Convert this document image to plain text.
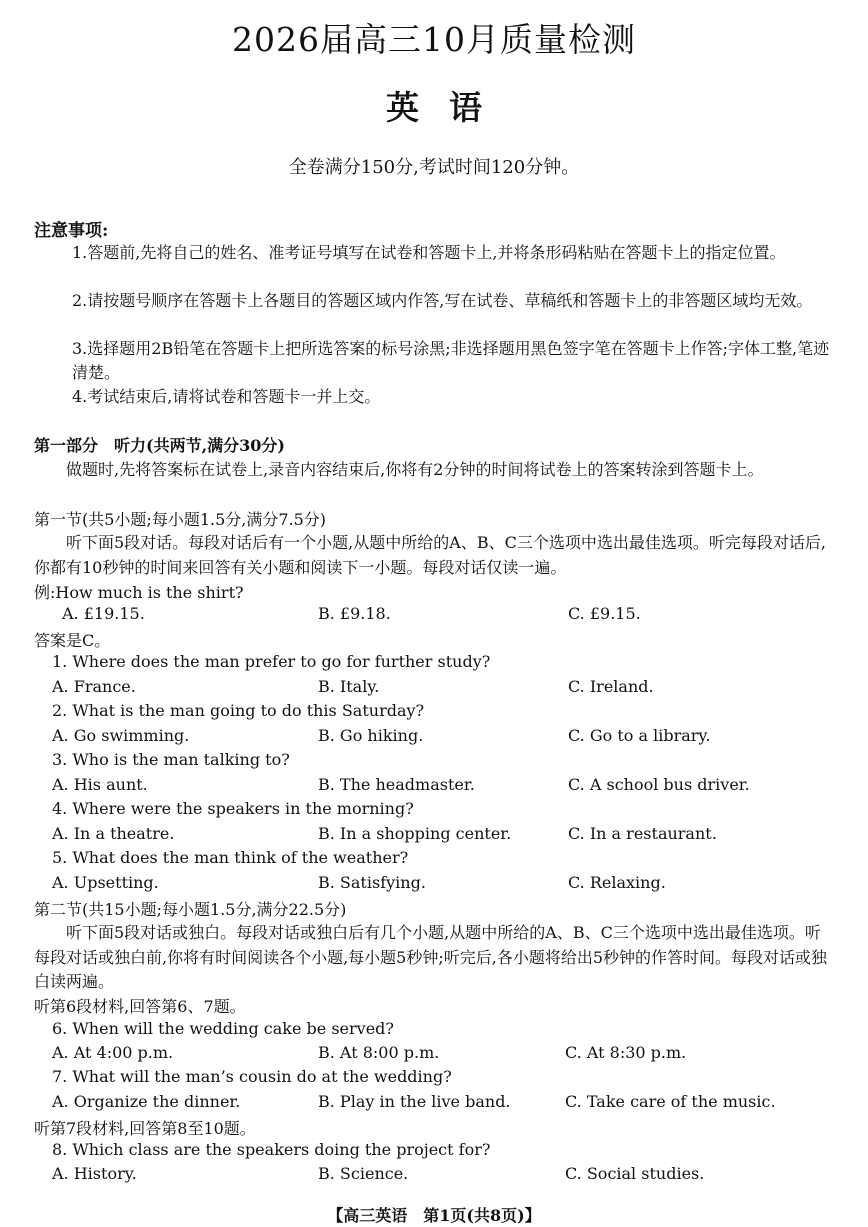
2026届高三10月质量检测
英语
全卷满分150分,考试时间120分钟。
注意事项:
1.答题前,先将自己的姓名、准考证号填写在试卷和答题卡上,并将条形码粘贴在答题卡上的指定位置。
2.请按题号顺序在答题卡上各题目的答题区域内作答,写在试卷、草稿纸和答题卡上的非答题区域均无效。
3.选择题用2B铅笔在答题卡上把所选答案的标号涂黑;非选择题用黑色签字笔在答题卡上作答;字体工整,笔迹清楚。
4.考试结束后,请将试卷和答题卡一并上交。
第一部分　听力(共两节,满分30分)
做题时,先将答案标在试卷上,录音内容结束后,你将有2分钟的时间将试卷上的答案转涂到答题卡上。
第一节(共5小题;每小题1.5分,满分7.5分)
听下面5段对话。每段对话后有一个小题,从题中所给的A、B、C三个选项中选出最佳选项。听完每段对话后,你都有10秒钟的时间来回答有关小题和阅读下一小题。每段对话仅读一遍。
例:How much is the shirt?
A. £19.15.	B. £9.18.	C. £9.15.
答案是C。
1. Where does the man prefer to go for further study?
A. France.	B. Italy.	C. Ireland.
2. What is the man going to do this Saturday?
A. Go swimming.	B. Go hiking.	C. Go to a library.
3. Who is the man talking to?
A. His aunt.	B. The headmaster.	C. A school bus driver.
4. Where were the speakers in the morning?
A. In a theatre.	B. In a shopping center.	C. In a restaurant.
5. What does the man think of the weather?
A. Upsetting.	B. Satisfying.	C. Relaxing.
第二节(共15小题;每小题1.5分,满分22.5分)
听下面5段对话或独白。每段对话或独白后有几个小题,从题中所给的A、B、C三个选项中选出最佳选项。听每段对话或独白前,你将有时间阅读各个小题,每小题5秒钟;听完后,各小题将给出5秒钟的作答时间。每段对话或独白读两遍。
听第6段材料,回答第6、7题。
6. When will the wedding cake be served?
A. At 4:00 p.m.	B. At 8:00 p.m.	C. At 8:30 p.m.
7. What will the man’s cousin do at the wedding?
A. Organize the dinner.	B. Play in the live band.	C. Take care of the music.
听第7段材料,回答第8至10题。
8. Which class are the speakers doing the project for?
A. History.	B. Science.	C. Social studies.
【高三英语　第1页(共8页)】
